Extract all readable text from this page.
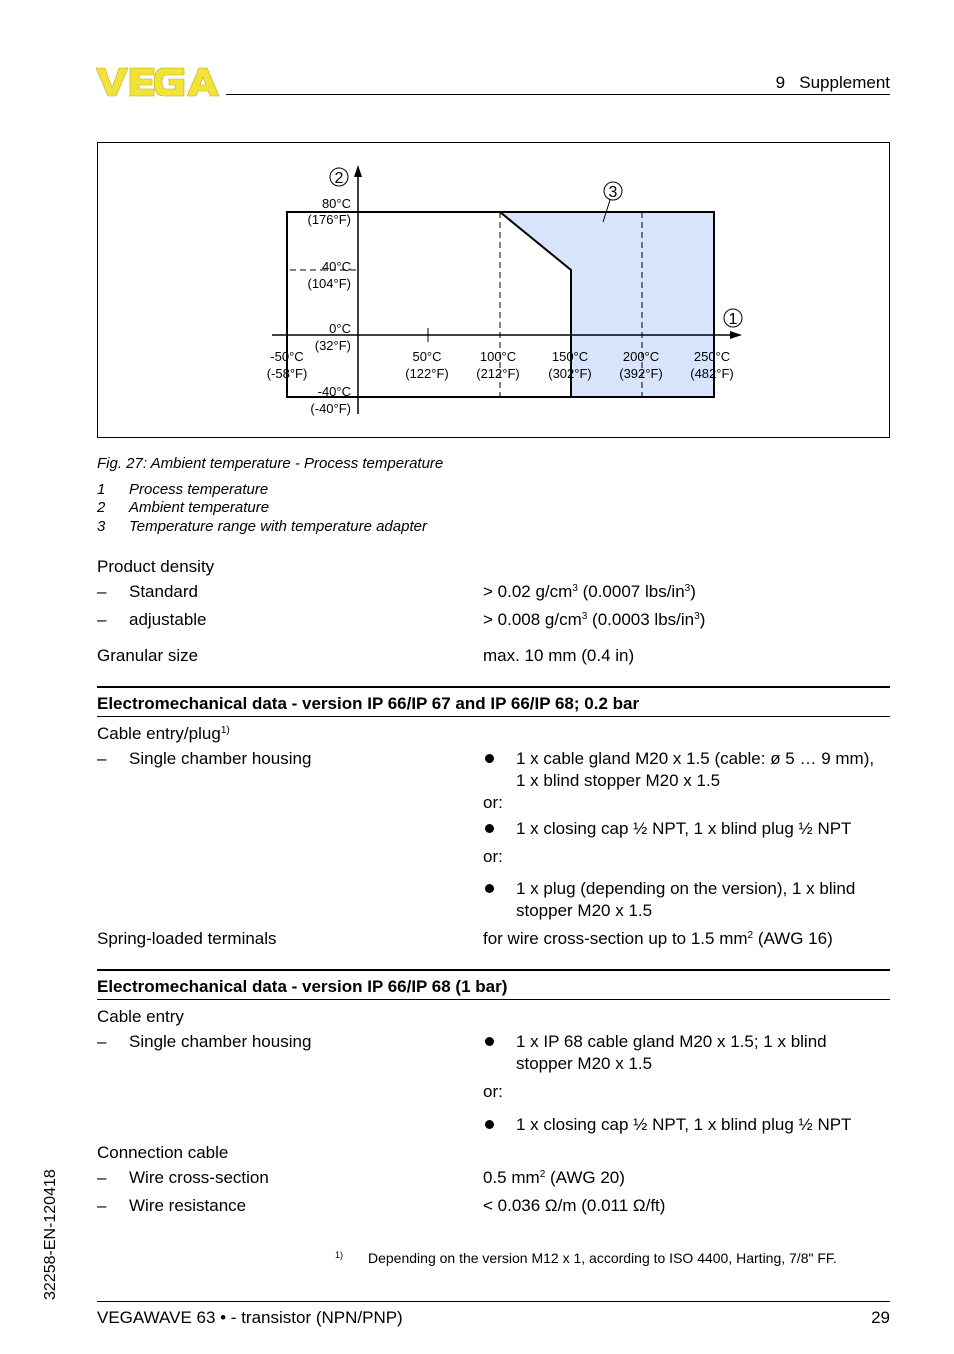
9   Supplement
80°C
(176°F)
40°C
(104°F)
0°C
(32°F)
-40°C
(-40°F)
-50°C
(-58°F)
50°C
(122°F)
100°C
(212°F)
150°C
(302°F)
200°C
(392°F)
250°C
(482°F)
1
2
3
Fig. 27: Ambient temperature - Process temperature
1 Process temperature
2 Ambient temperature
3 Temperature range with temperature adapter
Product density
– Standard	> 0.02 $g/cm^3$ (0.0007 lbs/$in^3$)
– adjustable	> 0.008 $g/cm^3$ (0.0003 lbs/$in^3$)
Granular size	max. 10 mm (0.4 in)
Electromechanical data - version IP 66/IP 67 and IP 66/IP 68; 0.2 bar
Cable entry/plug$^{1)}$
– Single chamber housing	1 x cable gland M20 x 1.5 (cable: ø 5 … 9 mm),
1 x blind stopper M20 x 1.5
or:
1 x closing cap ½ NPT, 1 x blind plug ½ NPT
or:
1 x plug (depending on the version), 1 x blind
stopper M20 x 1.5
Spring-loaded terminals	for wire cross-section up to 1.5 $mm^2$ (AWG 16)
Electromechanical data - version IP 66/IP 68 (1 bar)
Cable entry
– Single chamber housing	1 x IP 68 cable gland M20 x 1.5; 1 x blind
stopper M20 x 1.5
or:
1 x closing cap ½ NPT, 1 x blind plug ½ NPT
Connection cable
– Wire cross-section	0.5 $mm^2$ (AWG 20)
– Wire resistance	< 0.036 Ω/m (0.011 Ω/ft)
1) Depending on the version M12 x 1, according to ISO 4400, Harting, 7/8" FF.
32258-EN-120418
VEGAWAVE 63 • - transistor (NPN/PNP)	29
